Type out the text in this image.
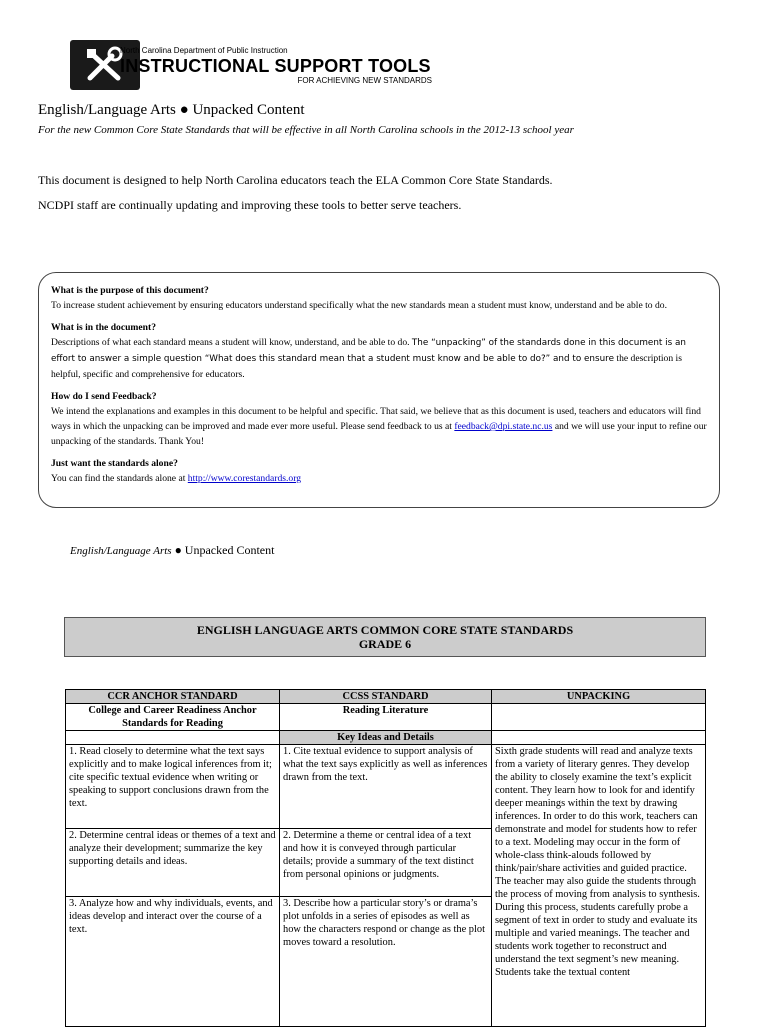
North Carolina Department of Public Instruction
INSTRUCTIONAL SUPPORT TOOLS
FOR ACHIEVING NEW STANDARDS
English/Language Arts ● Unpacked Content
For the new Common Core State Standards that will be effective in all North Carolina schools in the 2012-13 school year
This document is designed to help North Carolina educators teach the ELA Common Core State Standards.
NCDPI staff are continually updating and improving these tools to better serve teachers.
What is the purpose of this document?
To increase student achievement by ensuring educators understand specifically what the new standards mean a student must know, understand and be able to do.
What is in the document?
Descriptions of what each standard means a student will know, understand, and be able to do. The “unpacking” of the standards done in this document is an effort to answer a simple question “What does this standard mean that a student must know and be able to do?” and to ensure the description is helpful, specific and comprehensive for educators.
How do I send Feedback?
We intend the explanations and examples in this document to be helpful and specific. That said, we believe that as this document is used, teachers and educators will find ways in which the unpacking can be improved and made ever more useful. Please send feedback to us at feedback@dpi.state.nc.us and we will use your input to refine our unpacking of the standards. Thank You!
Just want the standards alone?
You can find the standards alone at http://www.corestandards.org
English/Language Arts ● Unpacked Content
ENGLISH LANGUAGE ARTS COMMON CORE STATE STANDARDS
GRADE 6
CCR ANCHOR STANDARD	CCSS STANDARD	UNPACKING
College and Career Readiness Anchor Standards for Reading	Reading Literature	
	Key Ideas and Details	
1. Read closely to determine what the text says explicitly and to make logical inferences from it; cite specific textual evidence when writing or speaking to support conclusions drawn from the text.	1. Cite textual evidence to support analysis of what the text says explicitly as well as inferences drawn from the text.	Sixth grade students will read and analyze texts from a variety of literary genres. They develop the ability to closely examine the text’s explicit content. They learn how to look for and identify deeper meanings within the text by drawing inferences. In order to do this work, teachers can demonstrate and model for students how to refer to a text. Modeling may occur in the form of whole-class think-alouds followed by think/pair/share activities and guided practice. The teacher may also guide the students through the process of moving from analysis to synthesis. During this process, students carefully probe a segment of text in order to study and evaluate its multiple and varied meanings. The teacher and students work together to reconstruct and understand the text segment’s new meaning. Students take the textual content
2. Determine central ideas or themes of a text and analyze their development; summarize the key supporting details and ideas.	2. Determine a theme or central idea of a text and how it is conveyed through particular details; provide a summary of the text distinct from personal opinions or judgments.	
3. Analyze how and why individuals, events, and ideas develop and interact over the course of a text.	3. Describe how a particular story’s or drama’s plot unfolds in a series of episodes as well as how the characters respond or change as the plot moves toward a resolution.	
